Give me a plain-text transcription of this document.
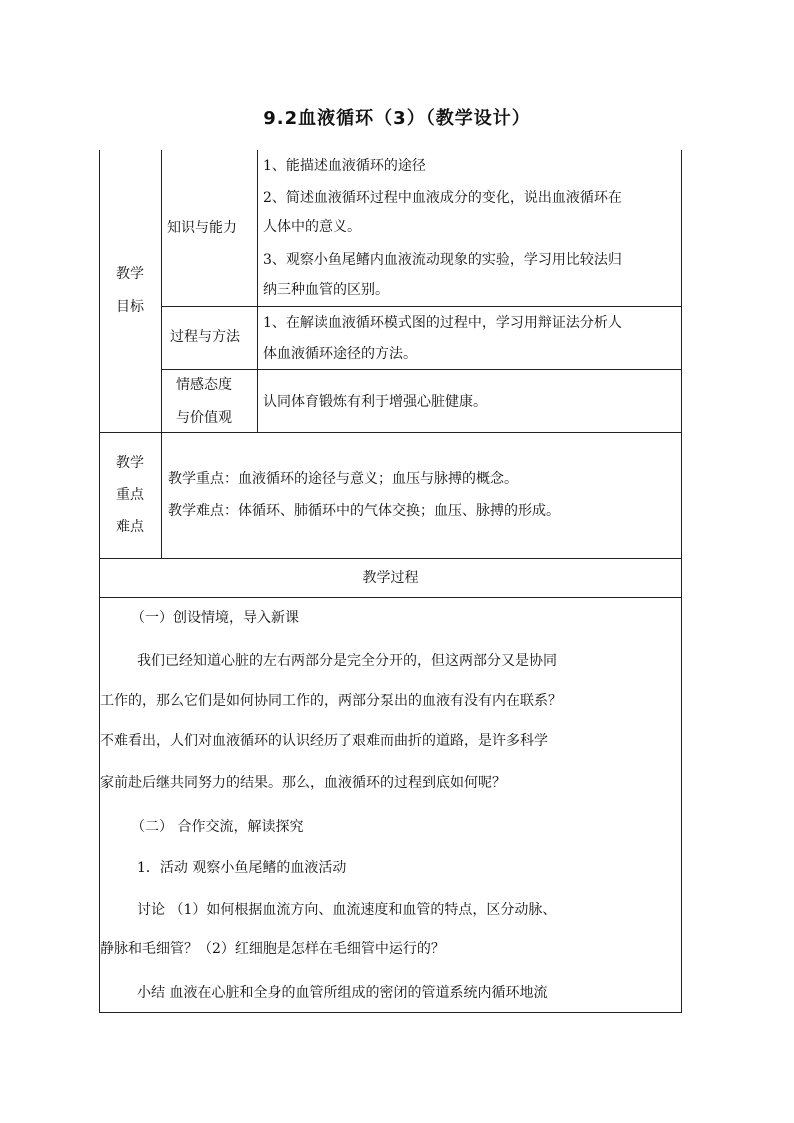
9.2血液循环（3）（教学设计）
教学
目标
知识与能力
1、能描述血液循环的途径
2、简述血液循环过程中血液成分的变化，说出血液循环在
人体中的意义。
3、观察小鱼尾鳍内血液流动现象的实验，学习用比较法归
纳三种血管的区别。
过程与方法
1、在解读血液循环模式图的过程中，学习用辩证法分析人
体血液循环途径的方法。
情感态度
与价值观
认同体育锻炼有利于增强心脏健康。
教学
重点
难点
教学重点：血液循环的途径与意义；血压与脉搏的概念。
教学难点：体循环、肺循环中的气体交换；血压、脉搏的形成。
教学过程
（一）创设情境，导入新课
我们已经知道心脏的左右两部分是完全分开的，但这两部分又是协同
工作的，那么它们是如何协同工作的，两部分泵出的血液有没有内在联系？
不难看出，人们对血液循环的认识经历了艰难而曲折的道路，是许多科学
家前赴后继共同努力的结果。那么，血液循环的过程到底如何呢？
（二） 合作交流，解读探究
1．活动 观察小鱼尾鳍的血液活动
讨论 （1）如何根据血流方向、血流速度和血管的特点，区分动脉、
静脉和毛细管？（2）红细胞是怎样在毛细管中运行的？
小结 血液在心脏和全身的血管所组成的密闭的管道系统内循环地流
